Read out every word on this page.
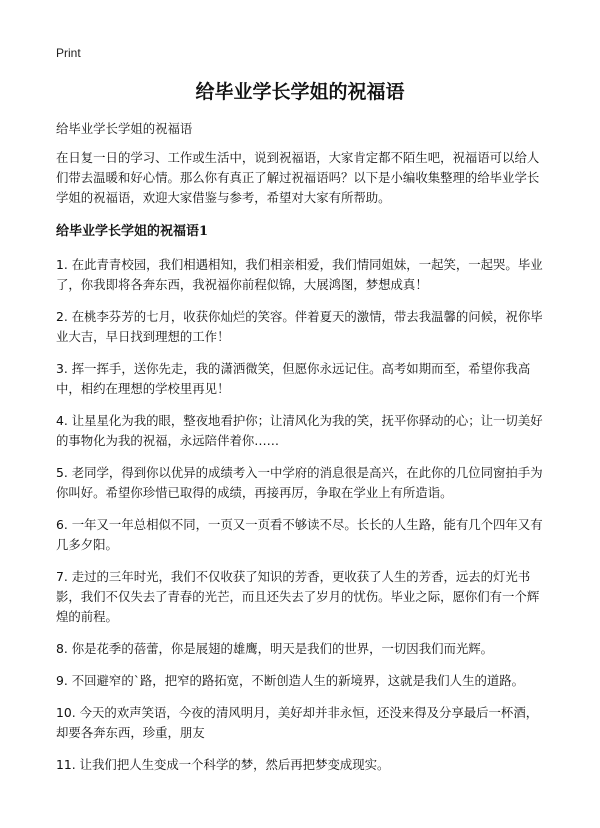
Print
给毕业学长学姐的祝福语

给毕业学长学姐的祝福语

在日复一日的学习、工作或生活中，说到祝福语，大家肯定都不陌生吧，祝福语可以给人们带去温暖和好心情。那么你有真正了解过祝福语吗？以下是小编收集整理的给毕业学长学姐的祝福语，欢迎大家借鉴与参考，希望对大家有所帮助。

给毕业学长学姐的祝福语1
1. 在此青青校园，我们相遇相知，我们相亲相爱，我们情同姐妹，一起笑，一起哭。毕业了，你我即将各奔东西，我祝福你前程似锦，大展鸿图，梦想成真！
2. 在桃李芬芳的七月，收获你灿烂的笑容。伴着夏天的激情，带去我温馨的问候，祝你毕业大吉，早日找到理想的工作！
3. 挥一挥手，送你先走，我的潇洒微笑，但愿你永远记住。高考如期而至，希望你我高中，相约在理想的学校里再见！
4. 让星星化为我的眼，整夜地看护你；让清风化为我的笑，抚平你驿动的心；让一切美好的事物化为我的祝福，永远陪伴着你……
5. 老同学，得到你以优异的成绩考入一中学府的消息很是高兴，在此你的几位同窗拍手为你叫好。希望你珍惜已取得的成绩，再接再厉，争取在学业上有所造诣。
6. 一年又一年总相似不同，一页又一页看不够读不尽。长长的人生路，能有几个四年又有几多夕阳。
7. 走过的三年时光，我们不仅收获了知识的芳香，更收获了人生的芳香，远去的灯光书影，我们不仅失去了青春的光芒，而且还失去了岁月的忧伤。毕业之际，愿你们有一个辉煌的前程。
8. 你是花季的蓓蕾，你是展翅的雄鹰，明天是我们的世界，一切因我们而光辉。
9. 不回避窄的`路，把窄的路拓宽，不断创造人生的新境界，这就是我们人生的道路。
10. 今天的欢声笑语，今夜的清风明月，美好却并非永恒，还没来得及分享最后一杯酒，却要各奔东西，珍重，朋友
11. 让我们把人生变成一个科学的梦，然后再把梦变成现实。
